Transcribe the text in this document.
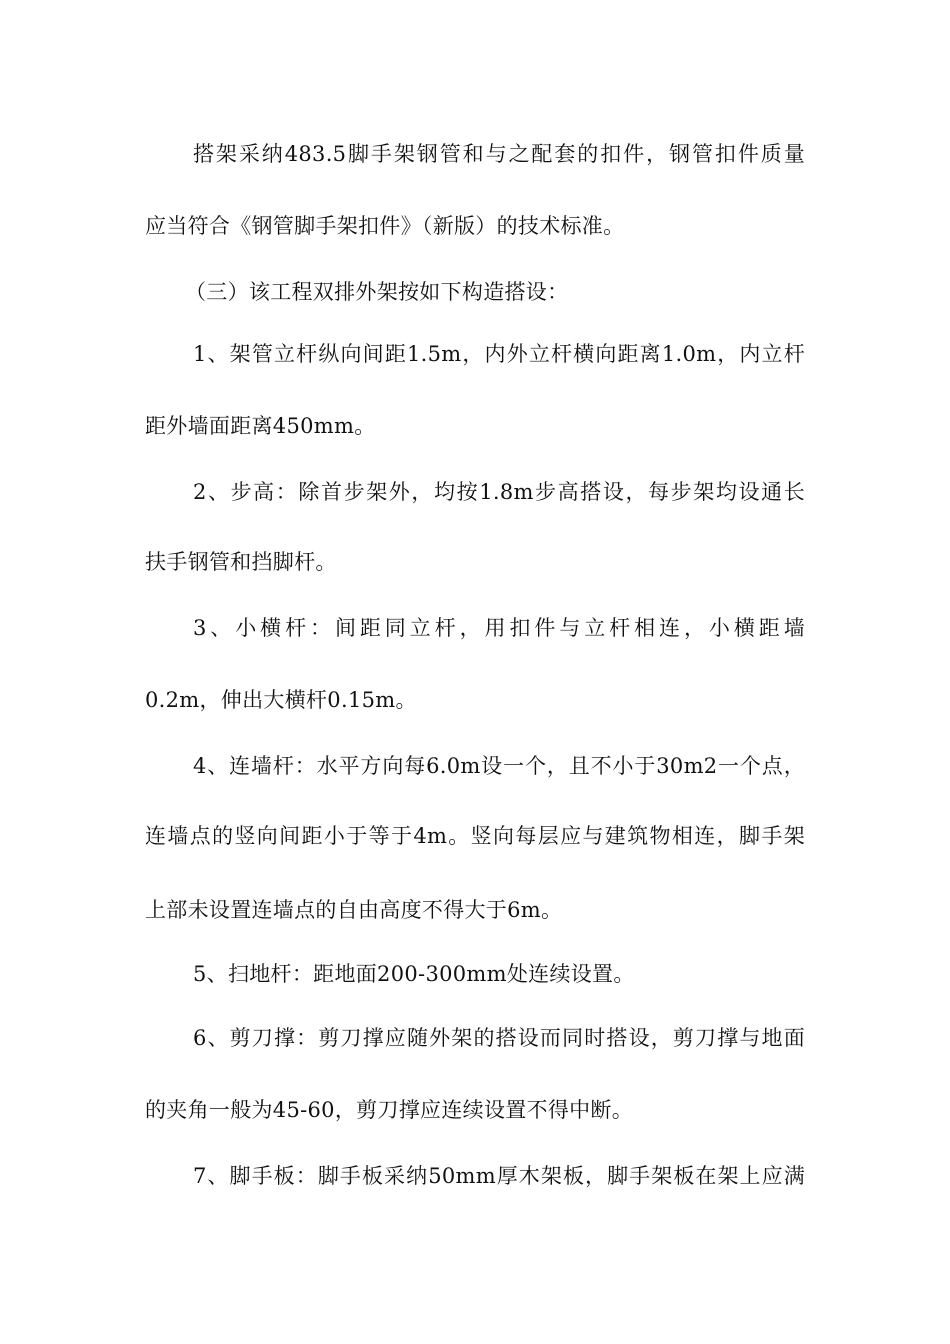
搭架采纳483.5脚手架钢管和与之配套的扣件，钢管扣件质量
应当符合《钢管脚手架扣件》（新版）的技术标准。
（三）该工程双排外架按如下构造搭设：
1、架管立杆纵向间距1.5m，内外立杆横向距离1.0m，内立杆
距外墙面距离450mm。
2、步高：除首步架外，均按1.8m步高搭设，每步架均设通长
扶手钢管和挡脚杆。
3、小横杆：间距同立杆，用扣件与立杆相连，小横距墙
0.2m，伸出大横杆0.15m。
4、连墙杆：水平方向每6.0m设一个，且不小于30m2一个点，
连墙点的竖向间距小于等于4m。竖向每层应与建筑物相连，脚手架
上部未设置连墙点的自由高度不得大于6m。
5、扫地杆：距地面200-300mm处连续设置。
6、剪刀撑：剪刀撑应随外架的搭设而同时搭设，剪刀撑与地面
的夹角一般为45-60，剪刀撑应连续设置不得中断。
7、脚手板：脚手板采纳50mm厚木架板，脚手架板在架上应满
